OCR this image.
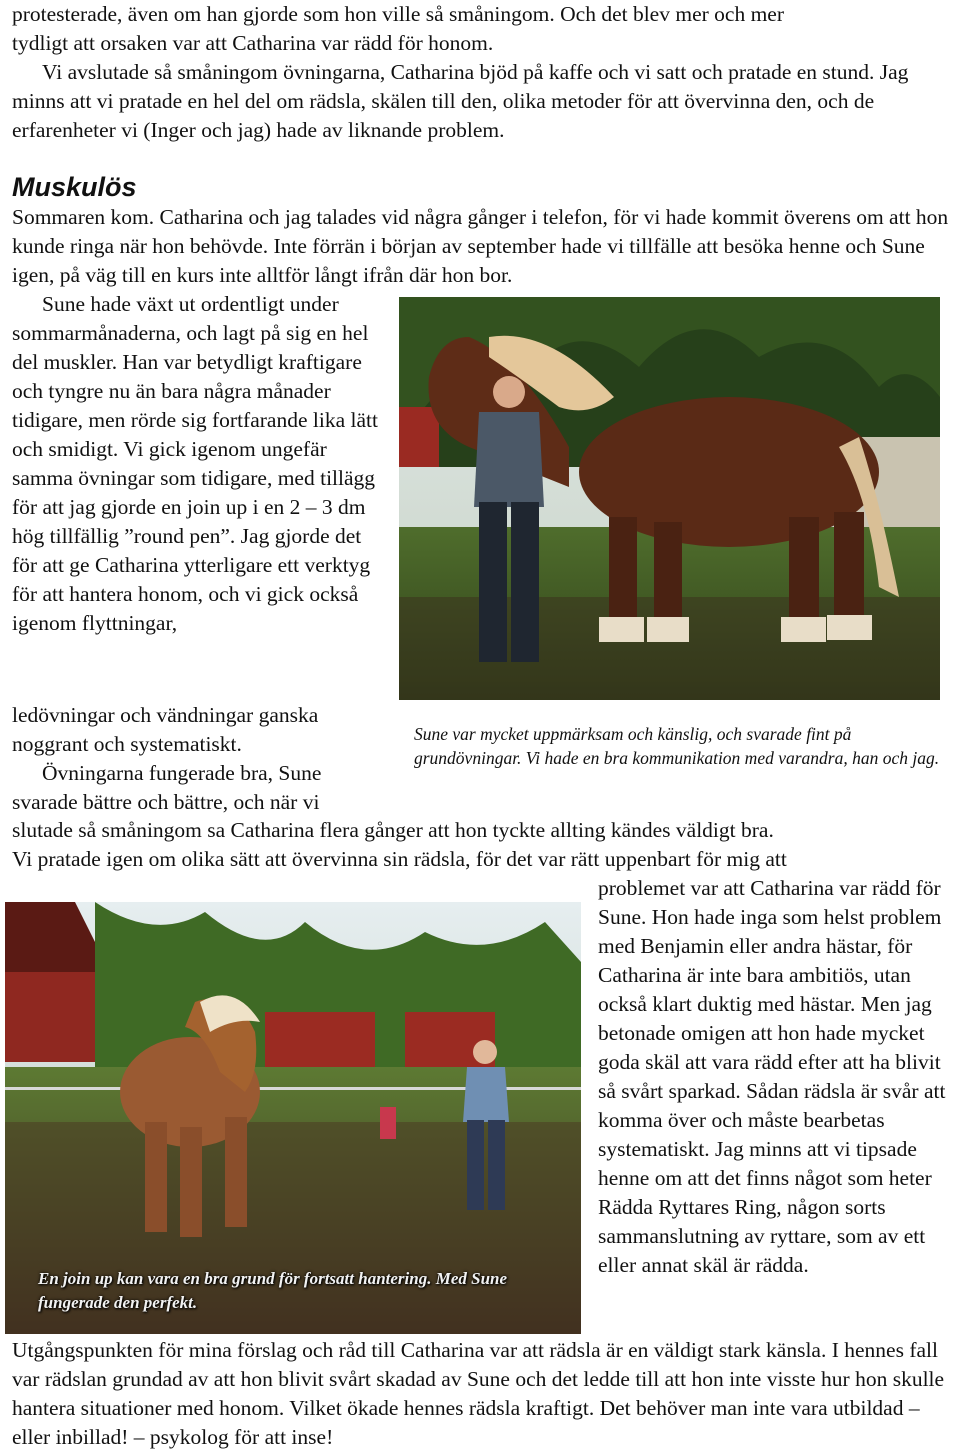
protesterade, även om han gjorde som hon ville så småningom. Och det blev mer och mer

tydligt att orsaken var att Catharina var rädd för honom.

Vi avslutade så småningom övningarna, Catharina bjöd på kaffe och vi satt och pratade en stund. Jag minns att vi pratade en hel del om rädsla, skälen till den, olika metoder för att övervinna den, och de erfarenheter vi (Inger och jag) hade av liknande problem.

Muskulös

Sommaren kom. Catharina och jag talades vid några gånger i telefon, för vi hade kommit överens om att hon kunde ringa när hon behövde. Inte förrän i början av september hade vi tillfälle att besöka henne och Sune igen, på väg till en kurs inte alltför långt ifrån där hon bor.

Sune hade växt ut ordentligt under sommarmånaderna, och lagt på sig en hel del muskler. Han var betydligt kraftigare och tyngre nu än bara några månader tidigare, men rörde sig fortfarande lika lätt och smidigt. Vi gick igenom ungefär samma övningar som tidigare, med tillägg för att jag gjorde en join up i en 2 – 3 dm hög tillfällig ”round pen”. Jag gjorde det för att ge Catharina ytterligare ett verktyg för att hantera honom, och vi gick också igenom flyttningar,

Sune var mycket uppmärksam och känslig, och svarade fint på grundövningar. Vi hade en bra kommunikation med varandra, han och jag.

ledövningar och vändningar ganska noggrant och systematiskt.

Övningarna fungerade bra, Sune svarade bättre och bättre, och när vi

slutade så småningom sa Catharina flera gånger att hon tyckte allting kändes väldigt bra.

Vi pratade igen om olika sätt att övervinna sin rädsla, för det var rätt uppenbart för mig att

En join up kan vara en bra grund för fortsatt hantering. Med Sune fungerade den perfekt.

problemet var att Catharina var rädd för Sune. Hon hade inga som helst problem med Benjamin eller andra hästar, för Catharina är inte bara ambitiös, utan också klart duktig med hästar. Men jag betonade omigen att hon hade mycket goda skäl att vara rädd efter att ha blivit så svårt sparkad. Sådan rädsla är svår att komma över och måste bearbetas systematiskt. Jag minns att vi tipsade henne om att det finns något som heter Rädda Ryttares Ring, någon sorts sammanslutning av ryttare, som av ett eller annat skäl är rädda.

Utgångspunkten för mina förslag och råd till Catharina var att rädsla är en väldigt stark känsla. I hennes fall var rädslan grundad av att hon blivit svårt skadad av Sune och det ledde till att hon inte visste hur hon skulle hantera situationer med honom. Vilket ökade hennes rädsla kraftigt. Det behöver man inte vara utbildad – eller inbillad! – psykolog för att inse!
